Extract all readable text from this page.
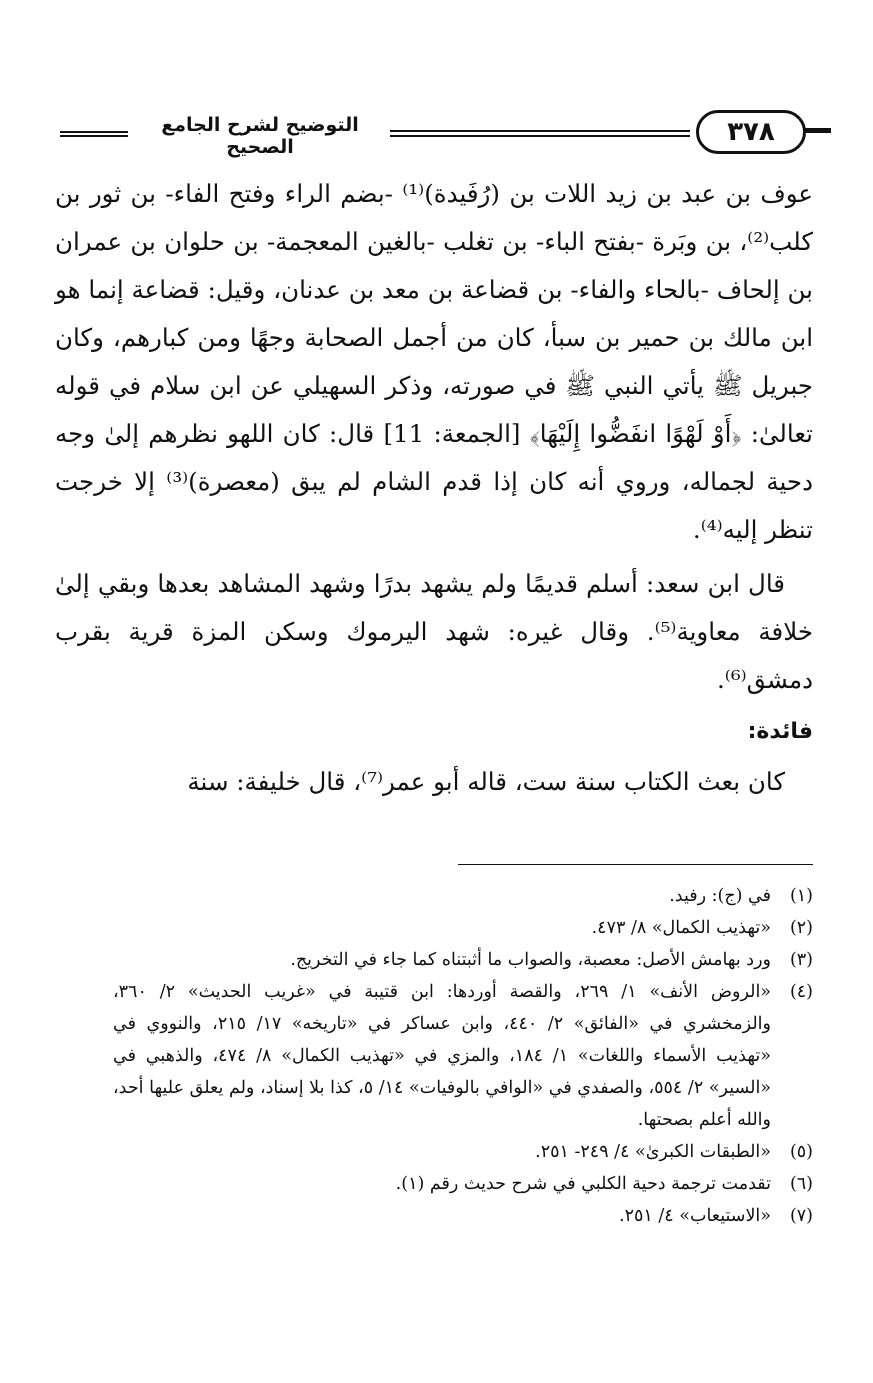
التوضيح لشرح الجامع الصحيح	٣٧٨

عوف بن عبد بن زيد اللات بن (رُفَيدة)⁽¹⁾ -بضم الراء وفتح الفاء- بن ثور بن كلب⁽²⁾، بن وبَرة -بفتح الباء- بن تغلب -بالغين المعجمة- بن حلوان بن عمران بن إلحاف -بالحاء والفاء- بن قضاعة بن معد بن عدنان، وقيل: قضاعة إنما هو ابن مالك بن حمير بن سبأ، كان من أجمل الصحابة وجهًا ومن كبارهم، وكان جبريل ﷺ يأتي النبي ﷺ في صورته، وذكر السهيلي عن ابن سلام في قوله تعالىٰ: ﴿أَوْ لَهْوًا انفَضُّوا إِلَيْهَا﴾ [الجمعة: 11] قال: كان اللهو نظرهم إلىٰ وجه دحية لجماله، وروي أنه كان إذا قدم الشام لم يبق (معصرة)⁽³⁾ إلا خرجت تنظر إليه⁽⁴⁾.

قال ابن سعد: أسلم قديمًا ولم يشهد بدرًا وشهد المشاهد بعدها وبقي إلىٰ خلافة معاوية⁽⁵⁾. وقال غيره: شهد اليرموك وسكن المزة قرية بقرب دمشق⁽⁶⁾.

فائدة:

كان بعث الكتاب سنة ست، قاله أبو عمر⁽⁷⁾، قال خليفة: سنة

(١)
في (ج): رفيد.
(٢)
«تهذيب الكمال» ٨/ ٤٧٣.
(٣)
ورد بهامش الأصل: معصبة، والصواب ما أثبتناه كما جاء في التخريج.
(٤)
«الروض الأنف» ١/ ٢٦٩، والقصة أوردها: ابن قتيبة في «غريب الحديث» ٢/ ٣٦٠، والزمخشري في «الفائق» ٢/ ٤٤٠، وابن عساكر في «تاريخه» ١٧/ ٢١٥، والنووي في «تهذيب الأسماء واللغات» ١/ ١٨٤، والمزي في «تهذيب الكمال» ٨/ ٤٧٤، والذهبي في «السير» ٢/ ٥٥٤، والصفدي في «الوافي بالوفيات» ١٤/ ٥، كذا بلا إسناد، ولم يعلق عليها أحد، والله أعلم بصحتها.
(٥)
«الطبقات الكبرىٰ» ٤/ ٢٤٩- ٢٥١.
(٦)
تقدمت ترجمة دحية الكلبي في شرح حديث رقم (١).
(٧)
«الاستيعاب» ٤/ ٢٥١.
